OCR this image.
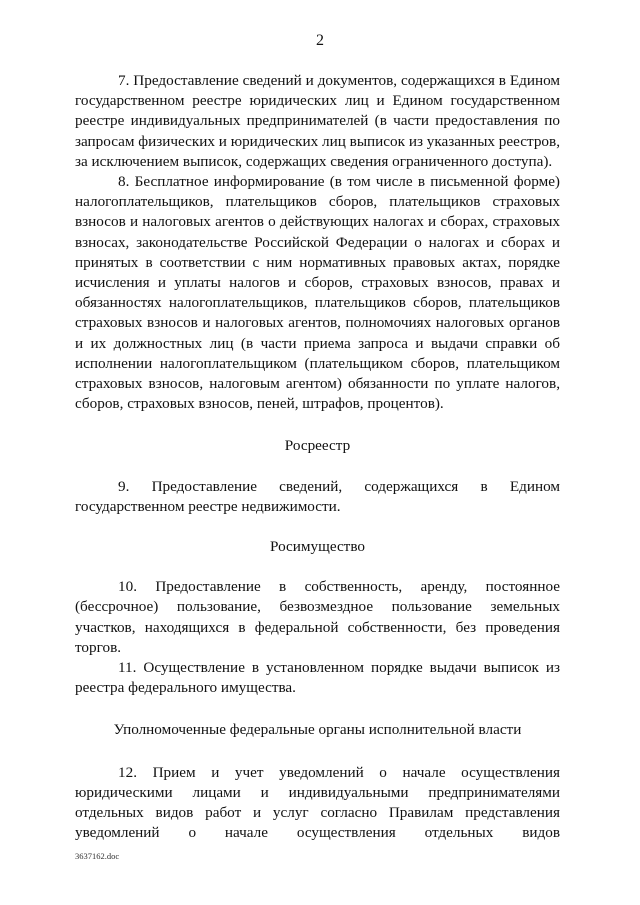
2

7. Предоставление сведений и документов, содержащихся в Едином государственном реестре юридических лиц и Едином государственном реестре индивидуальных предпринимателей (в части предоставления по запросам физических и юридических лиц выписок из указанных реестров, за исключением выписок, содержащих сведения ограниченного доступа).

8. Бесплатное информирование (в том числе в письменной форме) налогоплательщиков, плательщиков сборов, плательщиков страховых взносов и налоговых агентов о действующих налогах и сборах, страховых взносах, законодательстве Российской Федерации о налогах и сборах и принятых в соответствии с ним нормативных правовых актах, порядке исчисления и уплаты налогов и сборов, страховых взносов, правах и обязанностях налогоплательщиков, плательщиков сборов, плательщиков страховых взносов и налоговых агентов, полномочиях налоговых органов и их должностных лиц (в части приема запроса и выдачи справки об исполнении налогоплательщиком (плательщиком сборов, плательщиком страховых взносов, налоговым агентом) обязанности по уплате налогов, сборов, страховых взносов, пеней, штрафов, процентов).

Росреестр

9. Предоставление сведений, содержащихся в Едином государственном реестре недвижимости.

Росимущество

10. Предоставление в собственность, аренду, постоянное (бессрочное) пользование, безвозмездное пользование земельных участков, находящихся в федеральной собственности, без проведения торгов.

11. Осуществление в установленном порядке выдачи выписок из реестра федерального имущества.

Уполномоченные федеральные органы исполнительной власти

12. Прием и учет уведомлений о начале осуществления юридическими лицами и индивидуальными предпринимателями отдельных видов работ и услуг согласно Правилам представления уведомлений о начале осуществления отдельных видов

3637162.doc
